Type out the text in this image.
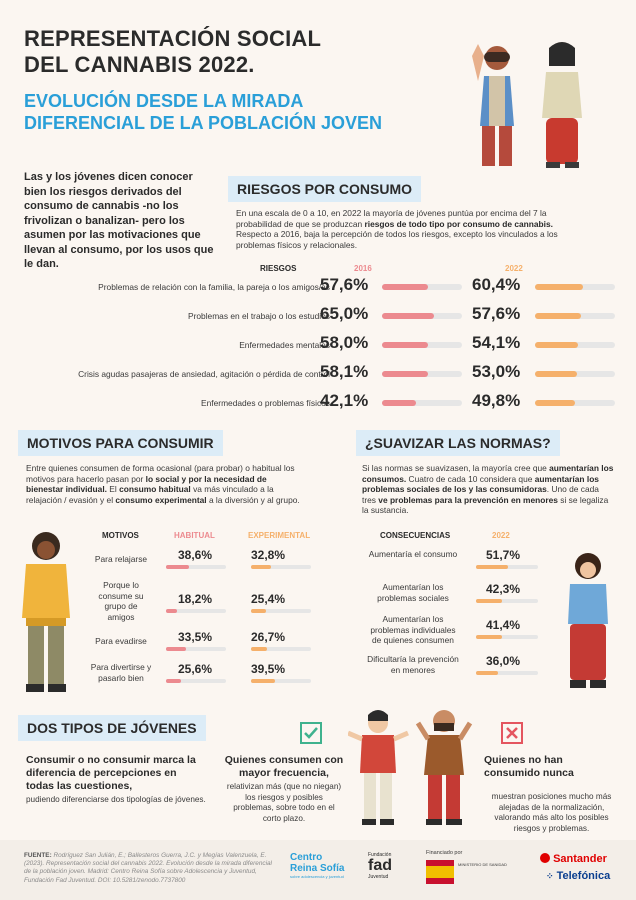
REPRESENTACIÓN SOCIAL
DEL CANNABIS 2022.
EVOLUCIÓN DESDE LA MIRADA
DIFERENCIAL DE LA POBLACIÓN JOVEN
Las y los jóvenes dicen conocer bien los riesgos derivados del consumo de cannabis -no los frivolizan o banalizan- pero los asumen por las motivaciones que llevan al consumo, por los usos que le dan.
RIESGOS POR CONSUMO
En una escala de 0 a 10, en 2022 la mayoría de jóvenes puntúa por encima del 7 la probabilidad de que se produzcan riesgos de todo tipo por consumo de cannabis. Respecto a 2016, baja la percepción de todos los riesgos, excepto los vinculados a los problemas físicos y relacionales.
RIESGOS	2016	2022
Problemas de relación con la familia, la pareja o los amigos/as
57,6%	60,4%
Problemas en el trabajo o los estudios
65,0%	57,6%
Enfermedades mentales
58,0%	54,1%
Crisis agudas pasajeras de ansiedad, agitación o pérdida de control
58,1%	53,0%
Enfermedades o problemas físicos
42,1%	49,8%
MOTIVOS PARA CONSUMIR
Entre quienes consumen de forma ocasional (para probar) o habitual los motivos para hacerlo pasan por lo social y por la necesidad de bienestar individual. El consumo habitual va más vinculado a la relajación / evasión y el consumo experimental a la diversión y al grupo.
MOTIVOS	HABITUAL	EXPERIMENTAL
Para relajarse	38,6%	32,8%
Porque lo consume su grupo de amigos
18,2%	25,4%
Para evadirse	33,5%	26,7%
Para divertirse y pasarlo bien
25,6%	39,5%
¿SUAVIZAR LAS NORMAS?
Si las normas se suavizasen, la mayoría cree que aumentarían los consumos. Cuatro de cada 10 considera que aumentarían los problemas sociales de los y las consumidoras. Uno de cada tres ve problemas para la prevención en menores si se legaliza la sustancia.
CONSECUENCIAS	2022
Aumentaría el consumo 51,7%
Aumentarían los problemas sociales
42,3%
Aumentarían los problemas individuales de quienes consumen
41,4%
Dificultaría la prevención en menores
36,0%
DOS TIPOS DE JÓVENES
Consumir o no consumir marca la diferencia de percepciones en todas las cuestiones,
pudiendo diferenciarse dos tipologías de jóvenes.
Quienes consumen con mayor frecuencia,
relativizan más (que no niegan) los riesgos y posibles problemas, sobre todo en el corto plazo.
Quienes no han consumido nunca
muestran posiciones mucho más alejadas de la normalización, valorando más alto los posibles riesgos y problemas.
FUENTE: Rodríguez San Julián, E.; Ballesteros Guerra, J.C. y Megías Valenzuela, E. (2023). Representación social del cannabis 2022. Evolución desde la mirada diferencial de la población joven. Madrid: Centro Reina Sofía sobre Adolescencia y Juventud, Fundación Fad Juventud. DOI: 10.5281/zenodo.7737800
Centro
Reina Sofía
sobre adolescencia y juventud
Fundación
fad
Juventud
Financiado por
MINISTERIO DE SANIDAD	Santander
⁘ Telefónica
